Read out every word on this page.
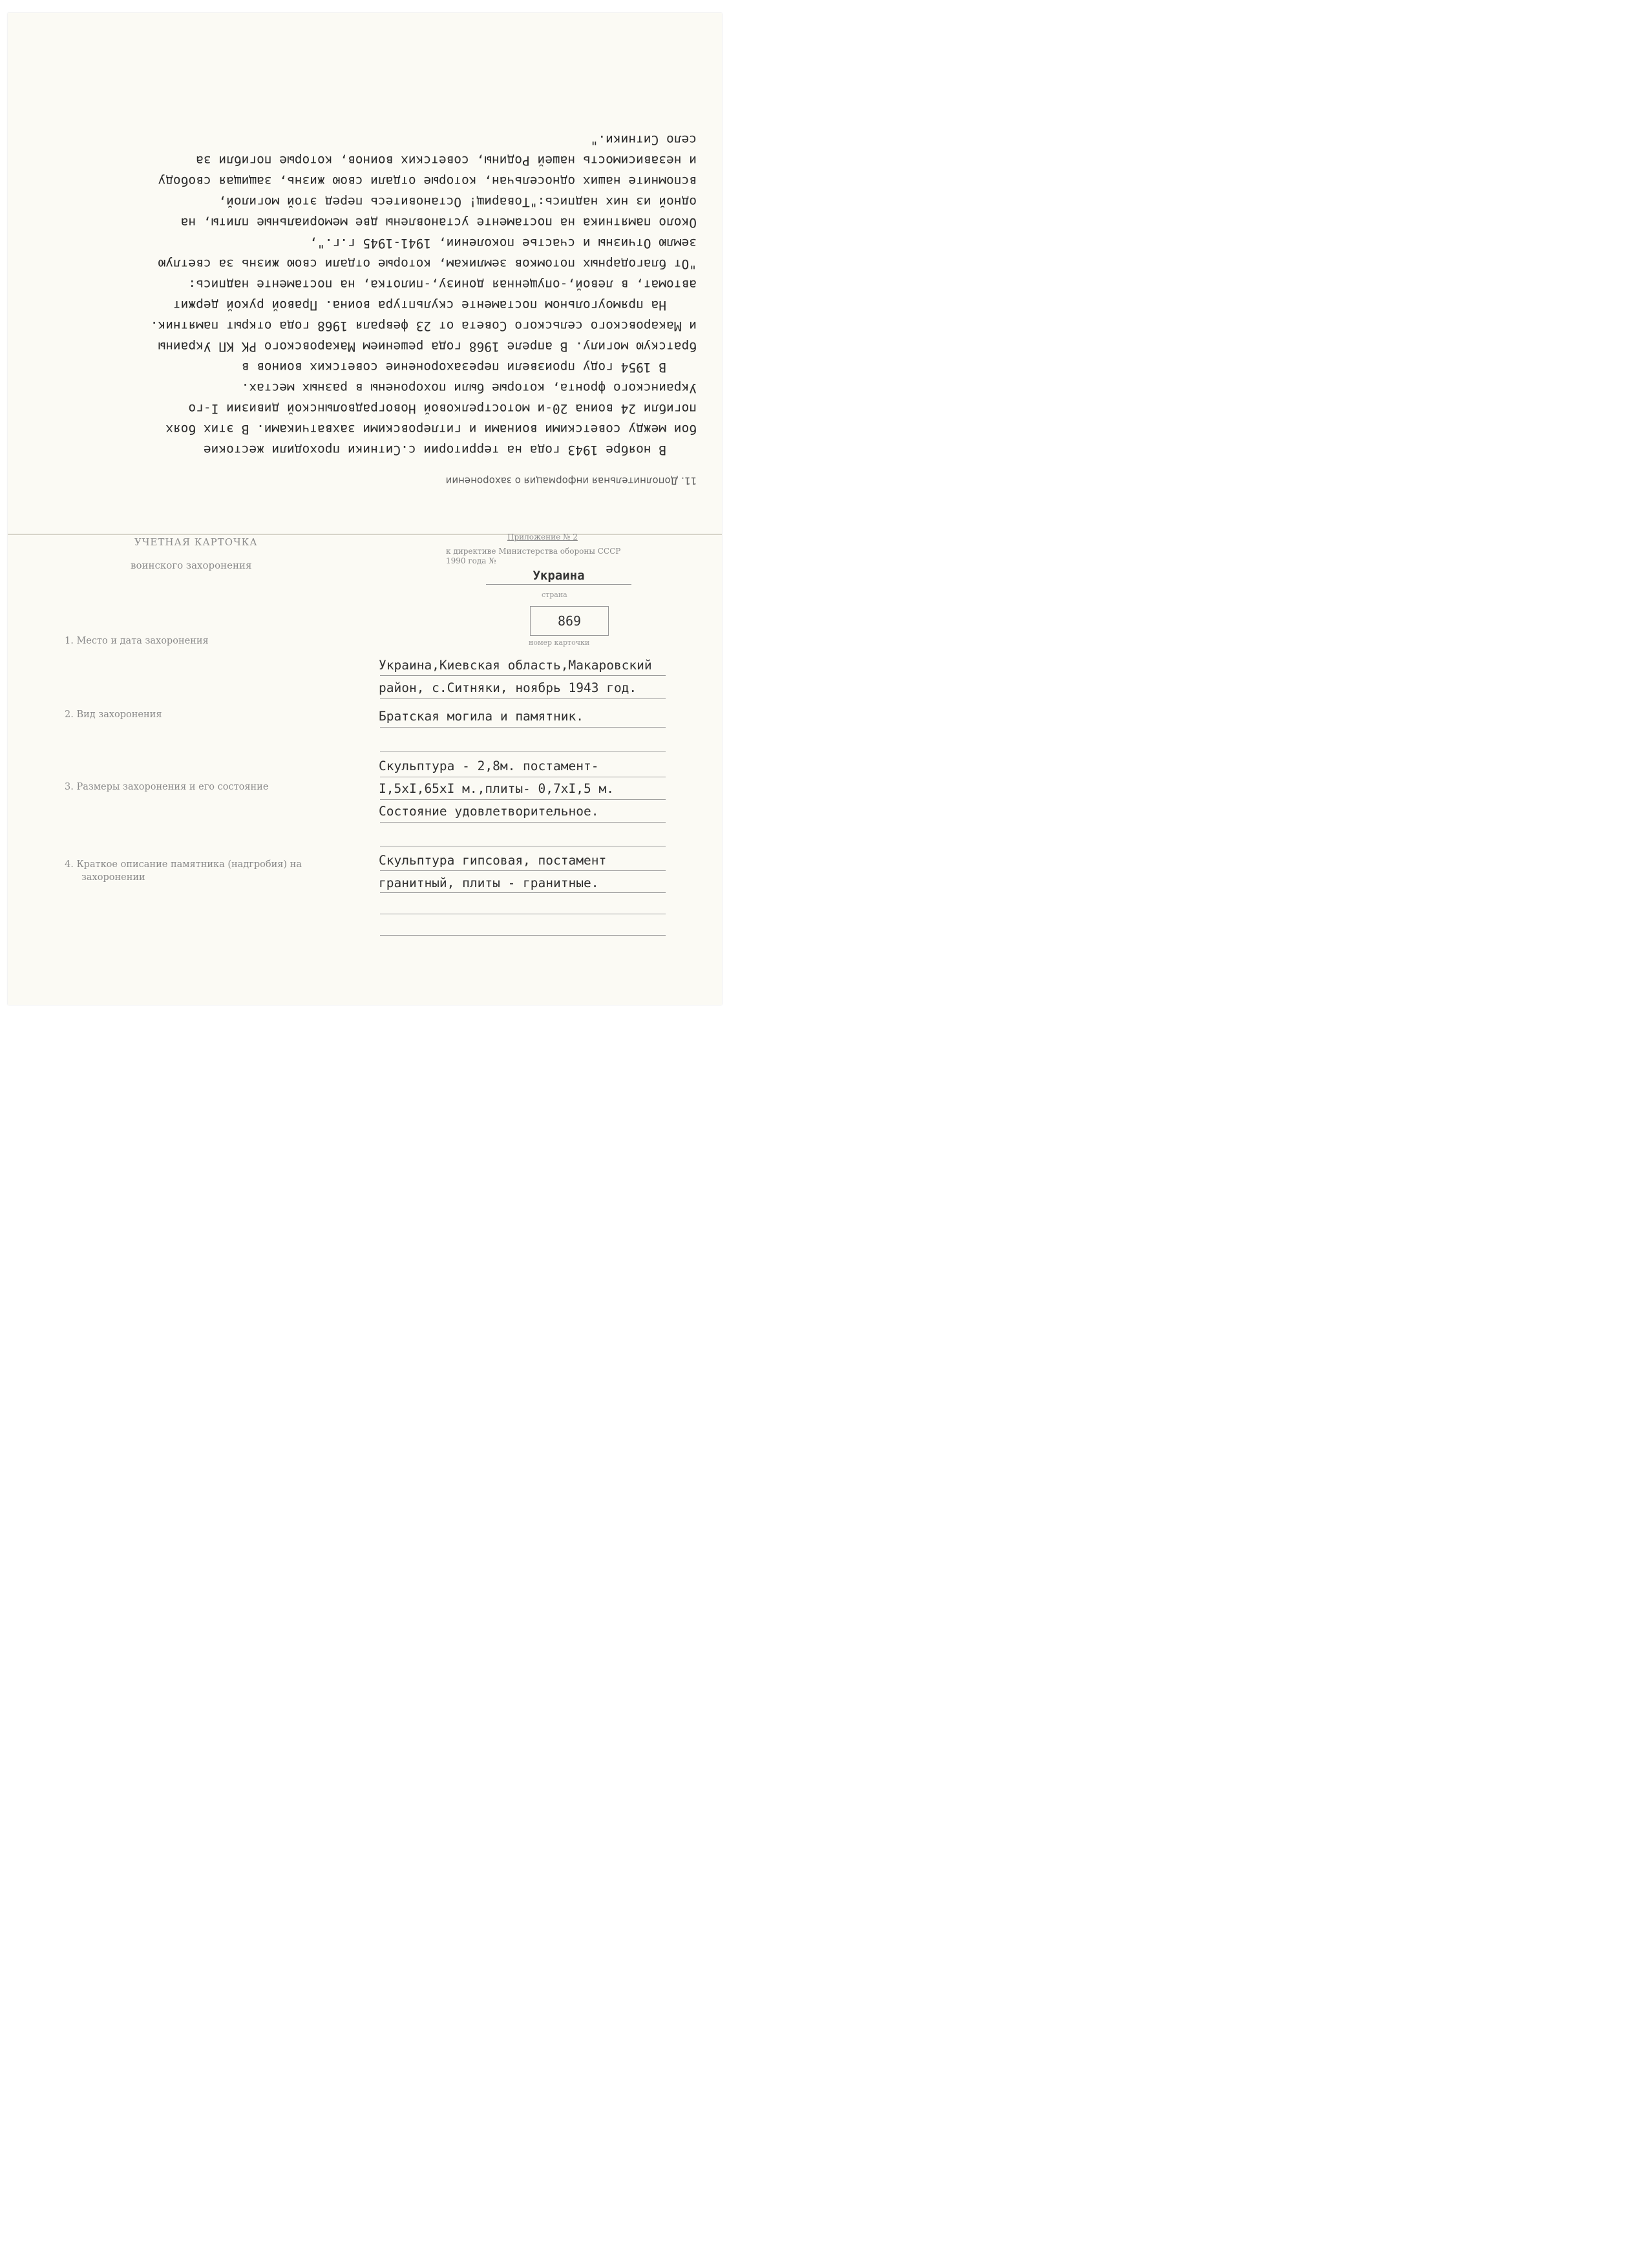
11. Дополнительная информация о захоронении

В ноябре 1943 года на территории с.Ситники проходили жестокие
бои между советскими воинами и гитлеровскими захватчиками. В этих боях
погибли 24 воина 20-и мотострелковой Новоградволынской дивизии I-го
Украинского фронта, которые были похоронены в разных местах.

В 1954 году произвели перезахоронение советских воинов в
братскую могилу. В апреле 1968 года решением Макаровского РК КП Украины
и Макаровского сельского Совета от 23 февраля 1968 года открыт памятник.

На прямоугольном постаменте скульптура воина. Правой рукой держит
автомат, в левой,-опущенная донизу,-пилотка, на постаменте надпись:
"От благодарных потомков земликам, которые отдали свою жизнь за светлую
землю Отчизны и счастье поколении, 1941-1945 г.г.",
Около памятника на постаменте установлены две мемориальные плиты, на
одной из них надпись:"Товарищ! Остановитесь перед этой могилой,
вспомните наших односельчан, которые отдали свою жизнь, защищая свободу
и независимость нашей Родины, советских воинов, которые погибли за
село Ситники."

УЧЕТНАЯ КАРТОЧКА
воинского захоронения
Приложение № 2
к директиве Министерства обороны СССР
1990 года №
Украина
страна
869
номер карточки
1. Место и дата захоронения
Украина,Киевская область,Макаровский
район, с.Ситняки, ноябрь 1943 год.
2. Вид захоронения	Братская могила и памятник.
3. Размеры захоронения и его состояние
Скульптура - 2,8м. постамент-
I,5xI,65xI м.,плиты- 0,7xI,5 м.
Состояние удовлетворительное.
4. Краткое описание памятника (надгробия) на
захоронении
Скульптура гипсовая, постамент
гранитный, плиты - гранитные.
